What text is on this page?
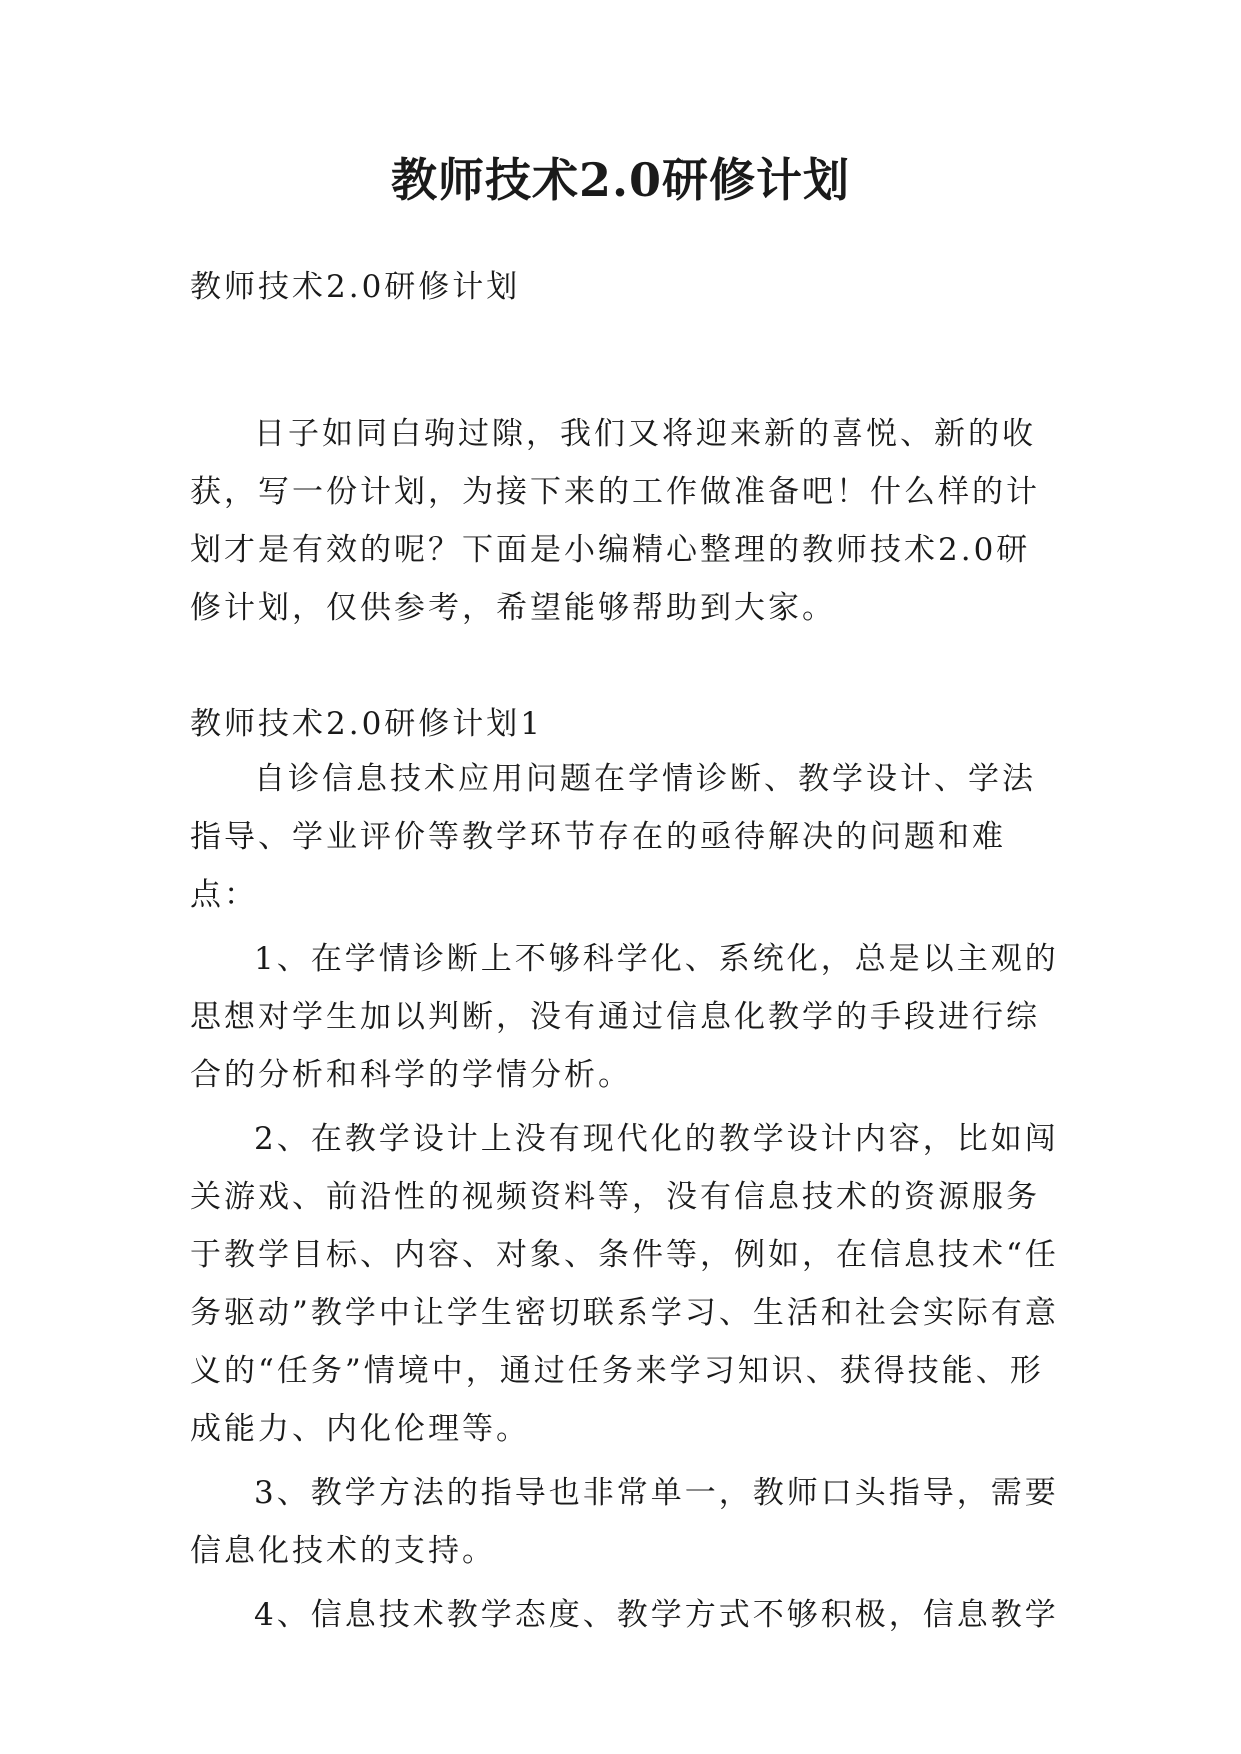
教师技术2.0研修计划

教师技术2.0研修计划

日子如同白驹过隙，我们又将迎来新的喜悦、新的收获，写一份计划，为接下来的工作做准备吧！什么样的计划才是有效的呢？下面是小编精心整理的教师技术2.0研修计划，仅供参考，希望能够帮助到大家。

教师技术2.0研修计划1

自诊信息技术应用问题在学情诊断、教学设计、学法指导、学业评价等教学环节存在的亟待解决的问题和难点：

1、在学情诊断上不够科学化、系统化，总是以主观的思想对学生加以判断，没有通过信息化教学的手段进行综合的分析和科学的学情分析。

2、在教学设计上没有现代化的教学设计内容，比如闯关游戏、前沿性的视频资料等，没有信息技术的资源服务于教学目标、内容、对象、条件等，例如，在信息技术“任务驱动”教学中让学生密切联系学习、生活和社会实际有意义的“任务”情境中，通过任务来学习知识、获得技能、形成能力、内化伦理等。

3、教学方法的指导也非常单一，教师口头指导，需要信息化技术的支持。

4、信息技术教学态度、教学方式不够积极，信息教学
